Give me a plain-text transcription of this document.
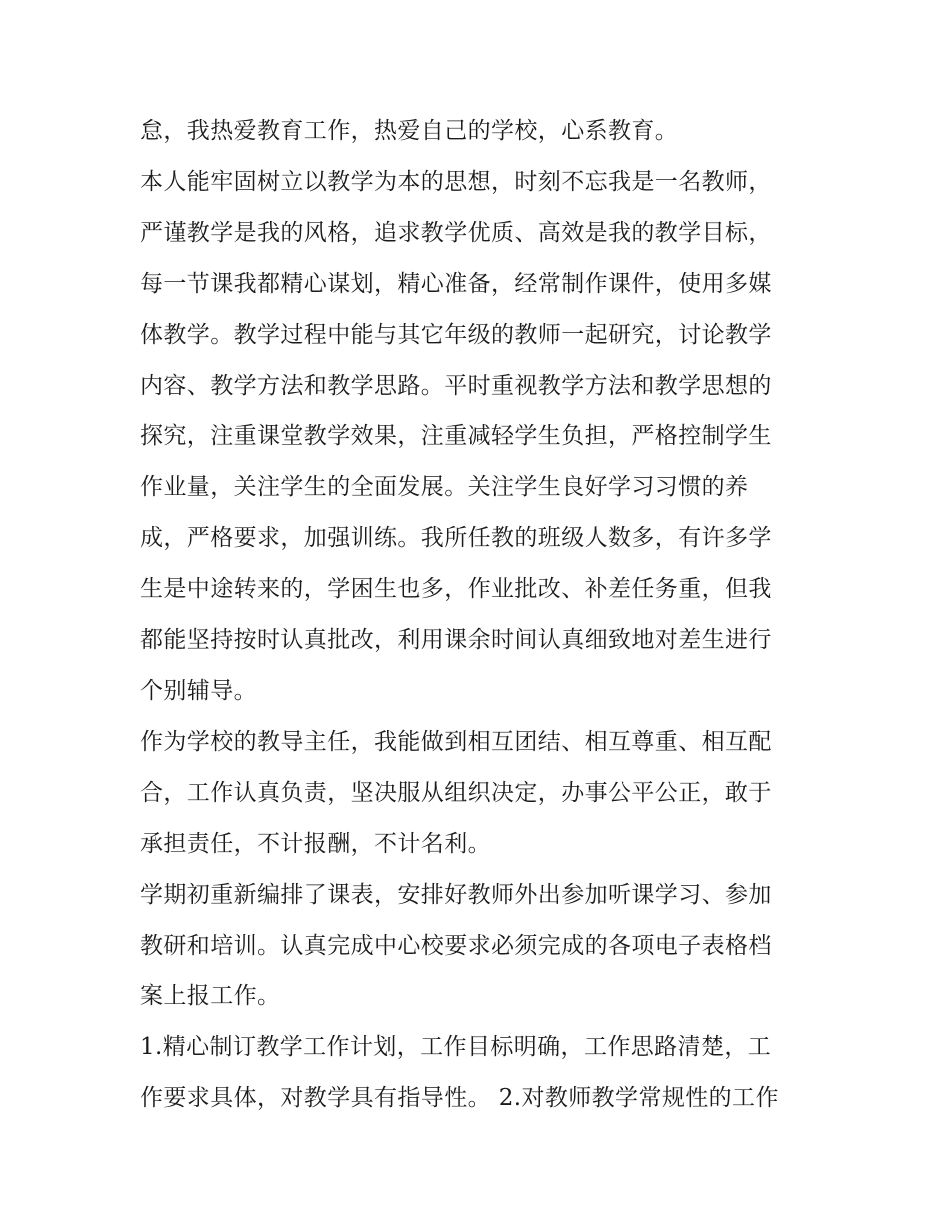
怠，我热爱教育工作，热爱自己的学校，心系教育。

本人能牢固树立以教学为本的思想，时刻不忘我是一名教师，
严谨教学是我的风格，追求教学优质、高效是我的教学目标，
每一节课我都精心谋划，精心准备，经常制作课件，使用多媒
体教学。教学过程中能与其它年级的教师一起研究，讨论教学
内容、教学方法和教学思路。平时重视教学方法和教学思想的
探究，注重课堂教学效果，注重减轻学生负担，严格控制学生
作业量，关注学生的全面发展。关注学生良好学习习惯的养
成，严格要求，加强训练。我所任教的班级人数多，有许多学
生是中途转来的，学困生也多，作业批改、补差任务重，但我
都能坚持按时认真批改，利用课余时间认真细致地对差生进行
个别辅导。

作为学校的教导主任，我能做到相互团结、相互尊重、相互配
合，工作认真负责，坚决服从组织决定，办事公平公正，敢于
承担责任，不计报酬，不计名利。

学期初重新编排了课表，安排好教师外出参加听课学习、参加
教研和培训。认真完成中心校要求必须完成的各项电子表格档
案上报工作。

1.精心制订教学工作计划，工作目标明确，工作思路清楚，工
作要求具体，对教学具有指导性。 2.对教师教学常规性的工作
